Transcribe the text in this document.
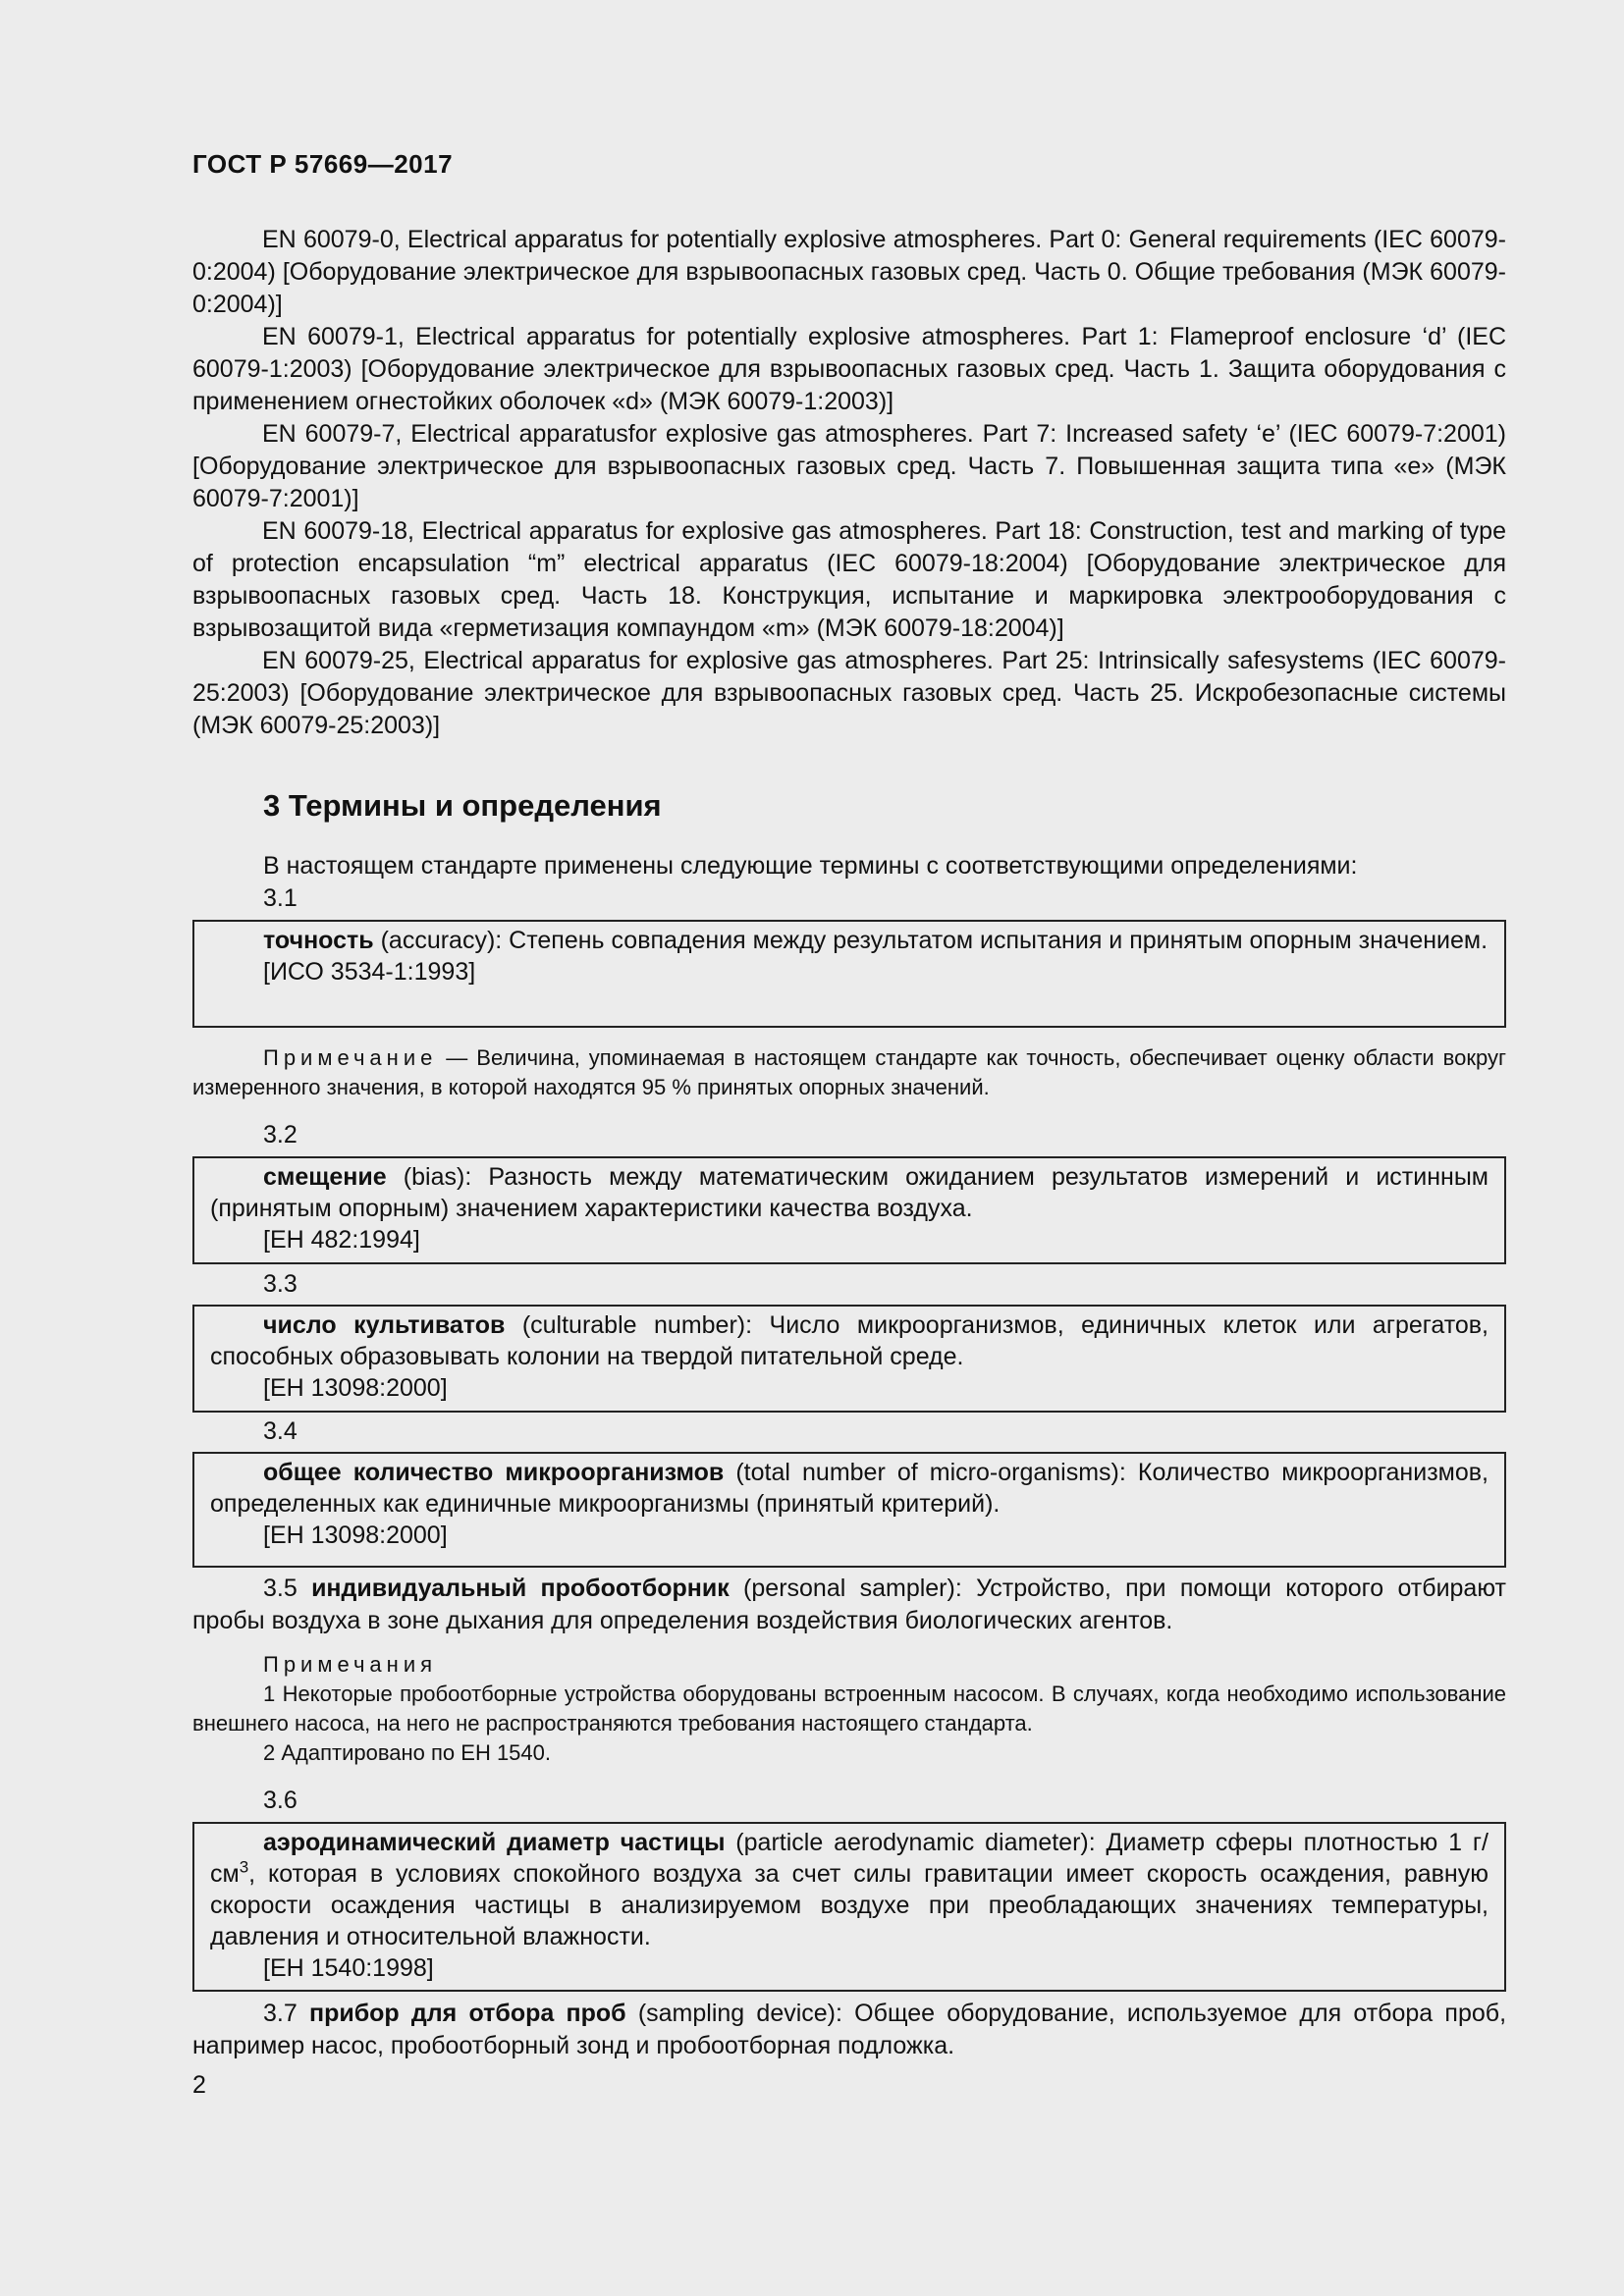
ГОСТ Р 57669—2017

EN 60079-0, Electrical apparatus for potentially explosive atmospheres. Part 0: General requirements (IEC 60079-0:2004) [Оборудование электрическое для взрывоопасных газовых сред. Часть 0. Общие требования (МЭК 60079-0:2004)]

EN 60079-1, Electrical apparatus for potentially explosive atmospheres. Part 1: Flameproof enclosure ‘d’ (IEC 60079-1:2003) [Оборудование электрическое для взрывоопасных газовых сред. Часть 1. Защита оборудования с применением огнестойких оболочек «d» (МЭК 60079-1:2003)]

EN 60079-7, Electrical apparatusfor explosive gas atmospheres. Part 7: Increased safety ‘e’ (IEC 60079-7:2001) [Оборудование электрическое для взрывоопасных газовых сред. Часть 7. Повышенная защита типа «е» (МЭК 60079-7:2001)]

EN 60079-18, Electrical apparatus for explosive gas atmospheres. Part 18: Construction, test and marking of type of protection encapsulation “m” electrical apparatus (IEC 60079-18:2004) [Оборудование электрическое для взрывоопасных газовых сред. Часть 18. Конструкция, испытание и маркировка электрооборудования с взрывозащитой вида «герметизация компаундом «m» (МЭК 60079-18:2004)]

EN 60079-25, Electrical apparatus for explosive gas atmospheres. Part 25: Intrinsically safesystems (IEC 60079-25:2003) [Оборудование электрическое для взрывоопасных газовых сред. Часть 25. Искробезопасные системы (МЭК 60079-25:2003)]

3 Термины и определения
В настоящем стандарте применены следующие термины с соответствующими определениями:
3.1

точность (accuracy): Степень совпадения между результатом испытания и принятым опорным значением.

[ИСО 3534-1:1993]

Примечание — Величина, упоминаемая в настоящем стандарте как точность, обеспечивает оценку области вокруг измеренного значения, в которой находятся 95 % принятых опорных значений.

3.2

смещение (bias): Разность между математическим ожиданием результатов измерений и истинным (принятым опорным) значением характеристики качества воздуха.

[ЕН 482:1994]

3.3

число культиватов (culturable number): Число микроорганизмов, единичных клеток или агрегатов, способных образовывать колонии на твердой питательной среде.

[ЕН 13098:2000]

3.4

общее количество микроорганизмов (total number of micro-organisms): Количество микроорганизмов, определенных как единичные микроорганизмы (принятый критерий).

[ЕН 13098:2000]

3.5 индивидуальный пробоотборник (personal sampler): Устройство, при помощи которого отбирают пробы воздуха в зоне дыхания для определения воздействия биологических агентов.

Примечания

1 Некоторые пробоотборные устройства оборудованы встроенным насосом. В случаях, когда необходимо использование внешнего насоса, на него не распространяются требования настоящего стандарта.

2 Адаптировано по ЕН 1540.

3.6

аэродинамический диаметр частицы (particle aerodynamic diameter): Диаметр сферы плотностью 1 $г/см^3$, которая в условиях спокойного воздуха за счет силы гравитации имеет скорость осаждения, равную скорости осаждения частицы в анализируемом воздухе при преобладающих значениях температуры, давления и относительной влажности.

[ЕН 1540:1998]

3.7 прибор для отбора проб (sampling device): Общее оборудование, используемое для отбора проб, например насос, пробоотборный зонд и пробоотборная подложка.

2
